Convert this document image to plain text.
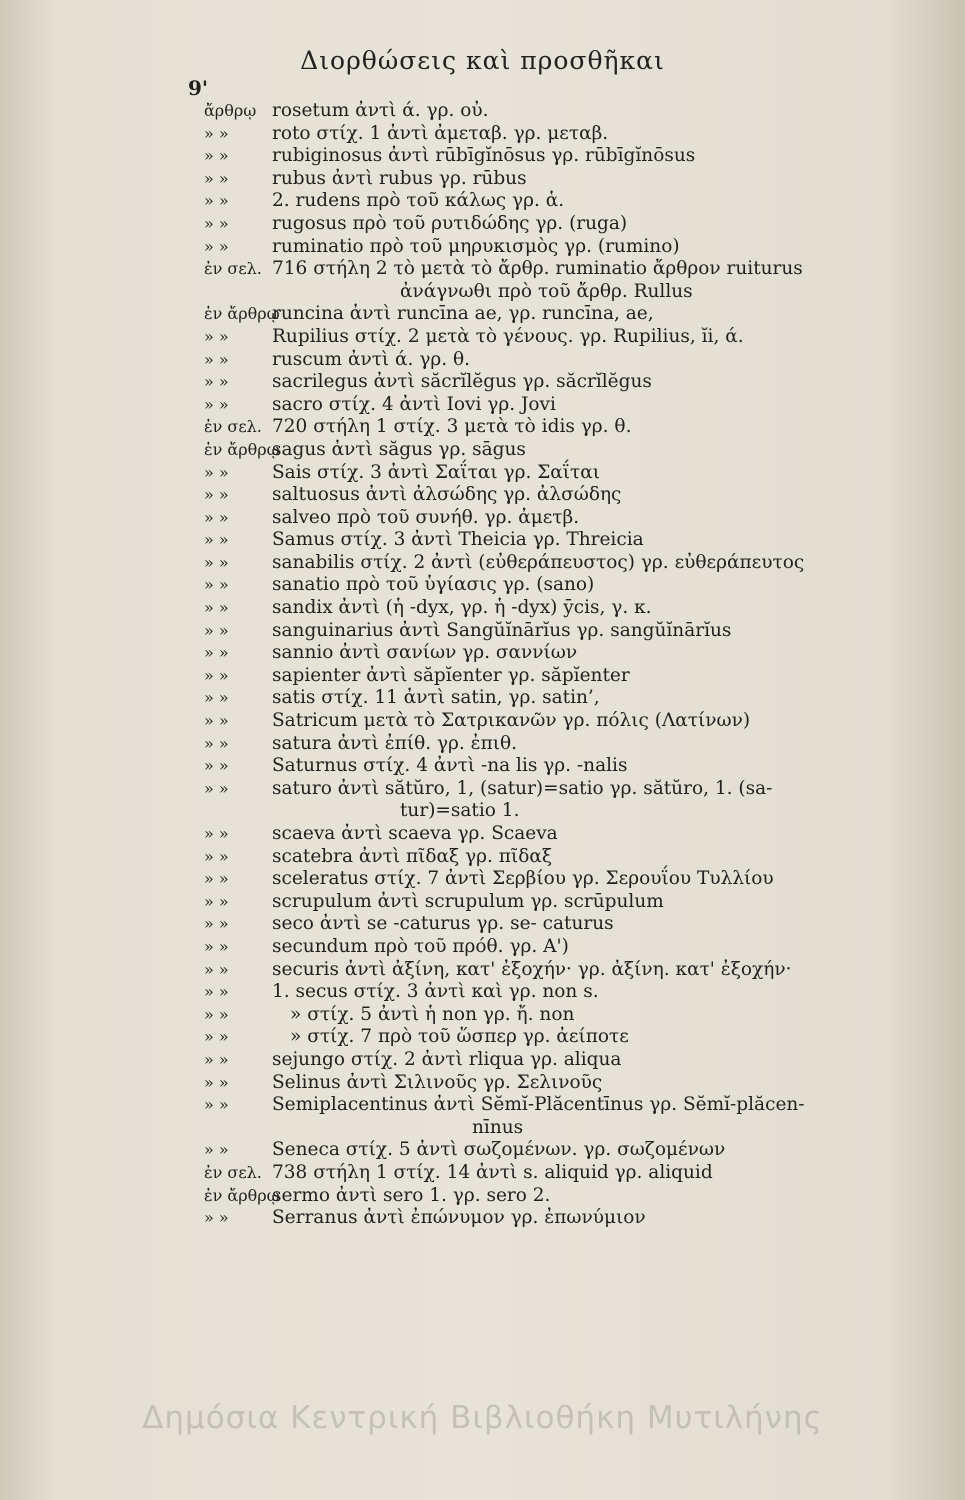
9'
Διορθώσεις καὶ προσθῆκαι
ἄρθρῳ rosetum ἀντὶ ά. γρ. οὐ.
» » roto στίχ. 1 ἀντὶ ἀμεταβ. γρ. μεταβ.
» » rubiginosus ἀντὶ rūbīgĭnōsus γρ. rūbīgĭnōsus
» » rubus ἀντὶ rubus γρ. rūbus
» » 2. rudens πρὸ τοῦ κάλως γρ. ἁ.
» » rugosus πρὸ τοῦ ρυτιδώδης γρ. (ruga)
» » ruminatio πρὸ τοῦ μηρυκισμὸς γρ. (rumino)
ἐν σελ. 716 στήλη 2 τὸ μετὰ τὸ ἄρθρ. ruminatio ἄρθρον ruiturus
ἀνάγνωθι πρὸ τοῦ ἄρθρ. Rullus
ἐν ἄρθρῳ
runcina ἀντὶ runcīna ae, γρ. runcīna, ae,
» » Rupilius στίχ. 2 μετὰ τὸ γένους. γρ. Rupilius, ĭi, ά.
» » ruscum ἀντὶ ά. γρ. θ.
» » sacrilegus ἀντὶ săcrĭlĕgus γρ. săcrĭlĕgus
» » sacro στίχ. 4 ἀντὶ Iovi γρ. Jovi
ἐν σελ. 720 στήλη 1 στίχ. 3 μετὰ τὸ idis γρ. θ.
ἐν ἄρθρῳ
sagus ἀντὶ săgus γρ. sāgus
» » Sais στίχ. 3 ἀντὶ Σαΐται γρ. Σαΐται
» » saltuosus ἀντὶ ἀλσώδης γρ. ἀλσώδης
» » salveo πρὸ τοῦ συνήθ. γρ. ἀμετβ.
» » Samus στίχ. 3 ἀντὶ Theicia γρ. Threicia
» » sanabilis στίχ. 2 ἀντὶ (εὐθεράπευστος) γρ. εὐθεράπευτος
» » sanatio πρὸ τοῦ ὑγίασις γρ. (sano)
» » sandix ἀντὶ (ἡ -dyx, γρ. ἡ -dyx) ȳcis, γ. κ.
» » sanguinarius ἀντὶ Sangŭĭnārĭus γρ. sangŭĭnārĭus
» » sannio ἀντὶ σανίων γρ. σαννίων
» » sapienter ἀντὶ săpĭenter γρ. săpĭenter
» » satis στίχ. 11 ἀντὶ satin, γρ. satin’,
» » Satricum μετὰ τὸ Σατρικανῶν γρ. πόλις (Λατίνων)
» » satura ἀντὶ ἐπίθ. γρ. ἐπιθ.
» » Saturnus στίχ. 4 ἀντὶ -na lis γρ. -nalis
» » saturo ἀντὶ sătŭro, 1, (satur)=satio γρ. sătŭro, 1. (sa-
tur)=satio 1.
» » scaeva ἀντὶ scaeva γρ. Scaeva
» » scatebra ἀντὶ πῖδαξ γρ. πῖδαξ
» » sceleratus στίχ. 7 ἀντὶ Σερβίου γρ. Σερουΐου Τυλλίου
» » scrupulum ἀντὶ scrupulum γρ. scrūpulum
» » seco ἀντὶ se -caturus γρ. se- caturus
» » secundum πρὸ τοῦ πρόθ. γρ. Α')
» » securis ἀντὶ ἀξίνη, κατ' ἐξοχήν· γρ. ἀξίνη. κατ' ἐξοχήν·
» » 1. secus στίχ. 3 ἀντὶ καὶ γρ. non s.
» »	» στίχ. 5 ἀντὶ ἡ non γρ. ἤ. non
» »	» στίχ. 7 πρὸ τοῦ ὥσπερ γρ. ἀείποτε
» » sejungo στίχ. 2 ἀντὶ rliqua γρ. aliqua
» » Selinus ἀντὶ Σιλινοῦς γρ. Σελινοῦς
» » Semiplacentinus ἀντὶ Sĕmĭ-Plăcentīnus γρ. Sĕmĭ-plăcen-
nīnus
» » Seneca στίχ. 5 ἀντὶ σωζομένων. γρ. σωζομένων
ἐν σελ. 738 στήλη 1 στίχ. 14 ἀντὶ s. aliquid γρ. aliquid
ἐν ἄρθρῳ
sermo ἀντὶ sero 1. γρ. sero 2.
» » Serranus ἀντὶ ἐπώνυμον γρ. ἐπωνύμιον
Δημόσια Κεντρική Βιβλιοθήκη Μυτιλήνης
